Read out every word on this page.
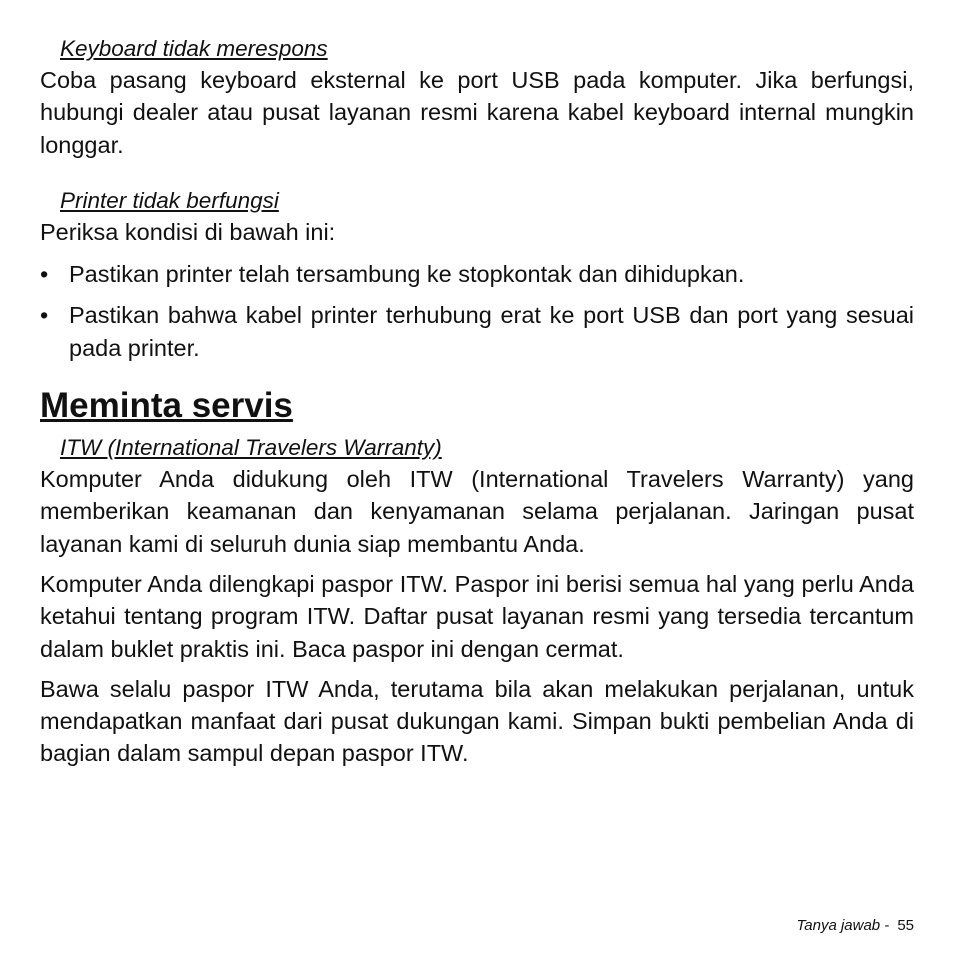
Keyboard tidak merespons

Coba pasang keyboard eksternal ke port USB pada komputer. Jika berfungsi, hubungi dealer atau pusat layanan resmi karena kabel keyboard internal mungkin longgar.

Printer tidak berfungsi

Periksa kondisi di bawah ini:

• Pastikan printer telah tersambung ke stopkontak dan dihidupkan.
• Pastikan bahwa kabel printer terhubung erat ke port USB dan port yang sesuai pada printer.
Meminta servis
ITW (International Travelers Warranty)

Komputer Anda didukung oleh ITW (International Travelers Warranty) yang memberikan keamanan dan kenyamanan selama perjalanan. Jaringan pusat layanan kami di seluruh dunia siap membantu Anda.

Komputer Anda dilengkapi paspor ITW. Paspor ini berisi semua hal yang perlu Anda ketahui tentang program ITW. Daftar pusat layanan resmi yang tersedia tercantum dalam buklet praktis ini. Baca paspor ini dengan cermat.

Bawa selalu paspor ITW Anda, terutama bila akan melakukan perjalanan, untuk mendapatkan manfaat dari pusat dukungan kami. Simpan bukti pembelian Anda di bagian dalam sampul depan paspor ITW.

Tanya jawab - 55
